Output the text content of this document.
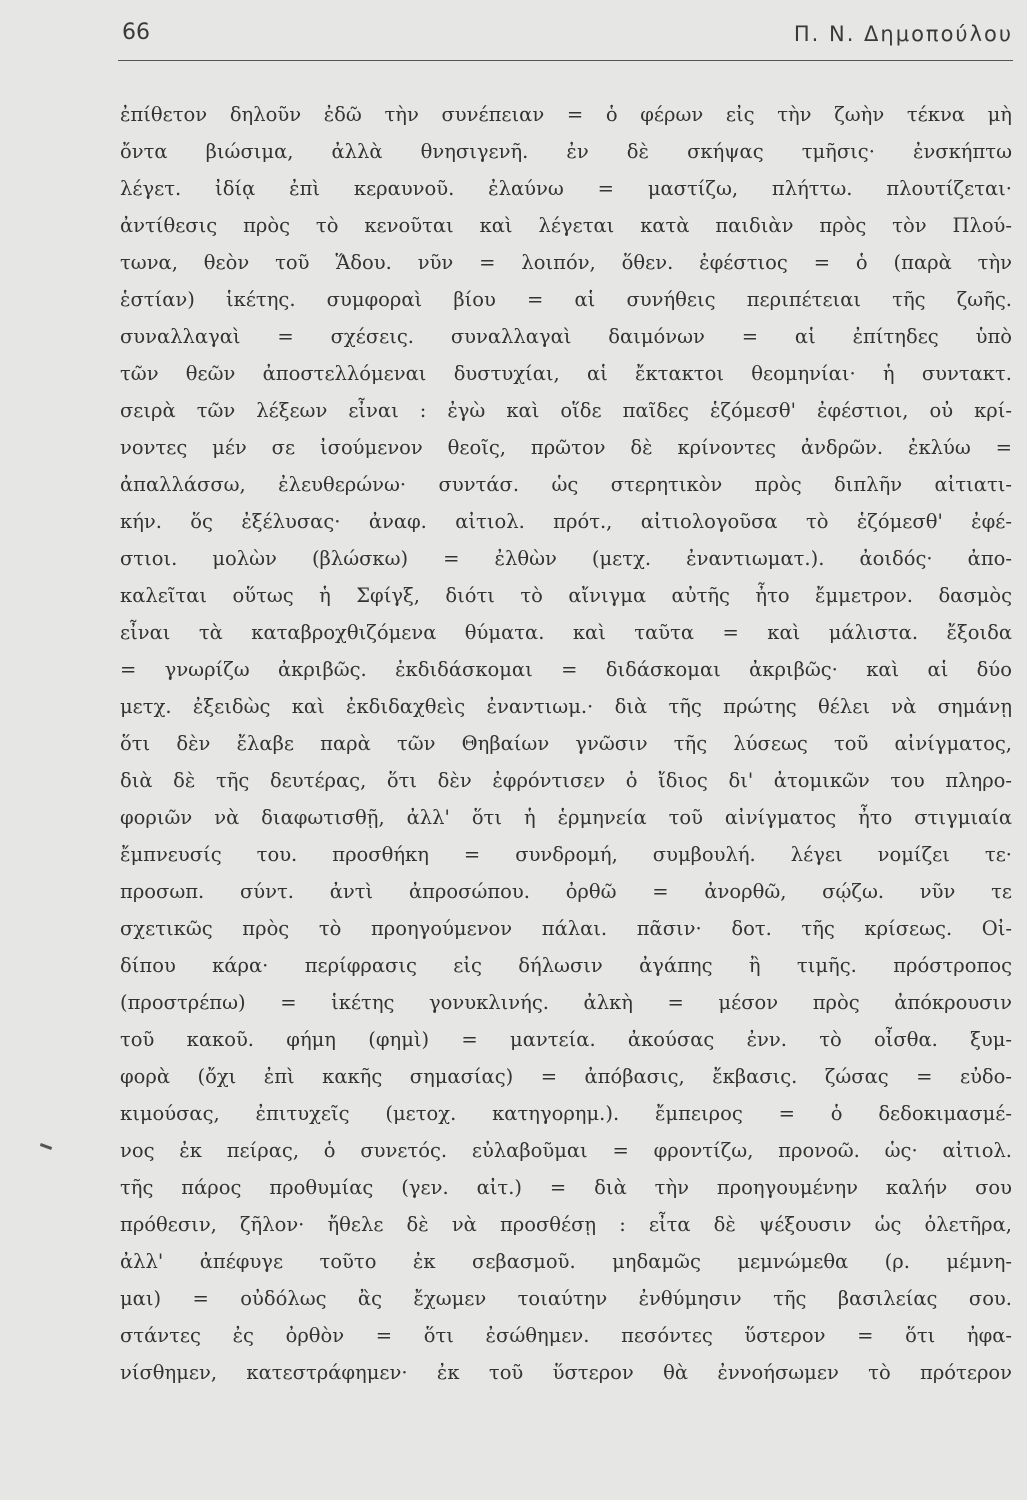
66	Π. Ν. Δημοπούλου
ἐπίθετον δηλοῦν ἐδῶ τὴν συνέπειαν = ὁ φέρων εἰς τὴν ζωὴν τέκνα μὴ
ὄντα βιώσιμα, ἀλλὰ θνησιγενῆ. ἐν δὲ σκήψας τμῆσις· ἐνσκήπτω
λέγετ. ἰδίᾳ ἐπὶ κεραυνοῦ. ἐλαύνω = μαστίζω, πλήττω. πλουτίζεται·
ἀντίθεσις πρὸς τὸ κενοῦται καὶ λέγεται κατὰ παιδιὰν πρὸς τὸν Πλού-
τωνα, θεὸν τοῦ Ἅδου. νῦν = λοιπόν, ὅθεν. ἐφέστιος = ὁ (παρὰ τὴν
ἑστίαν) ἱκέτης. συμφοραὶ βίου = αἱ συνήθεις περιπέτειαι τῆς ζωῆς.
συναλλαγαὶ = σχέσεις. συναλλαγαὶ δαιμόνων = αἱ ἐπίτηδες ὑπὸ
τῶν θεῶν ἀποστελλόμεναι δυστυχίαι, αἱ ἔκτακτοι θεομηνίαι· ἡ συντακτ.
σειρὰ τῶν λέξεων εἶναι : ἐγὼ καὶ οἵδε παῖδες ἑζόμεσθ' ἐφέστιοι, οὐ κρί-
νοντες μέν σε ἰσούμενον θεοῖς, πρῶτον δὲ κρίνοντες ἀνδρῶν. ἐκλύω =
ἀπαλλάσσω, ἐλευθερώνω· συντάσ. ὡς στερητικὸν πρὸς διπλῆν αἰτιατι-
κήν. ὅς ἐξέλυσας· ἀναφ. αἰτιολ. πρότ., αἰτιολογοῦσα τὸ ἑζόμεσθ' ἐφέ-
στιοι. μολὼν (βλώσκω) = ἐλθὼν (μετχ. ἐναντιωματ.). ἀοιδός· ἀπο-
καλεῖται οὕτως ἡ Σφίγξ, διότι τὸ αἴνιγμα αὐτῆς ἦτο ἔμμετρον. δασμὸς
εἶναι τὰ καταβροχθιζόμενα θύματα. καὶ ταῦτα = καὶ μάλιστα. ἔξοιδα
= γνωρίζω ἀκριβῶς. ἐκδιδάσκομαι = διδάσκομαι ἀκριβῶς· καὶ αἱ δύο
μετχ. ἐξειδὼς καὶ ἐκδιδαχθεὶς ἐναντιωμ.· διὰ τῆς πρώτης θέλει νὰ σημάνῃ
ὅτι δὲν ἔλαβε παρὰ τῶν Θηβαίων γνῶσιν τῆς λύσεως τοῦ αἰνίγματος,
διὰ δὲ τῆς δευτέρας, ὅτι δὲν ἐφρόντισεν ὁ ἴδιος δι' ἀτομικῶν του πληρο-
φοριῶν νὰ διαφωτισθῇ, ἀλλ' ὅτι ἡ ἑρμηνεία τοῦ αἰνίγματος ἦτο στιγμιαία
ἔμπνευσίς του. προσθήκη = συνδρομή, συμβουλή. λέγει νομίζει τε·
προσωπ. σύντ. ἀντὶ ἀπροσώπου. ὀρθῶ = ἀνορθῶ, σῴζω. νῦν τε
σχετικῶς πρὸς τὸ προηγούμενον πάλαι. πᾶσιν· δοτ. τῆς κρίσεως. Οἰ-
δίπου κάρα· περίφρασις εἰς δήλωσιν ἀγάπης ἢ τιμῆς. πρόστροπος
(προστρέπω) = ἱκέτης γονυκλινής. ἀλκὴ = μέσον πρὸς ἀπόκρουσιν
τοῦ κακοῦ. φήμη (φημὶ) = μαντεία. ἀκούσας ἐνν. τὸ οἶσθα. ξυμ-
φορὰ (ὄχι ἐπὶ κακῆς σημασίας) = ἀπόβασις, ἔκβασις. ζώσας = εὐδο-
κιμούσας, ἐπιτυχεῖς (μετοχ. κατηγορημ.). ἔμπειρος = ὁ δεδοκιμασμέ-
νος ἐκ πείρας, ὁ συνετός. εὐλαβοῦμαι = φροντίζω, προνοῶ. ὡς· αἰτιολ.
τῆς πάρος προθυμίας (γεν. αἰτ.) = διὰ τὴν προηγουμένην καλήν σου
πρόθεσιν, ζῆλον· ἤθελε δὲ νὰ προσθέσῃ : εἶτα δὲ ψέξουσιν ὡς ὀλετῆρα,
ἀλλ' ἀπέφυγε τοῦτο ἐκ σεβασμοῦ. μηδαμῶς μεμνώμεθα (ρ. μέμνη-
μαι) = οὐδόλως ἂς ἔχωμεν τοιαύτην ἐνθύμησιν τῆς βασιλείας σου.
στάντες ἐς ὀρθὸν = ὅτι ἐσώθημεν. πεσόντες ὕστερον = ὅτι ἠφα-
νίσθημεν, κατεστράφημεν· ἐκ τοῦ ὕστερον θὰ ἐννοήσωμεν τὸ πρότερον
